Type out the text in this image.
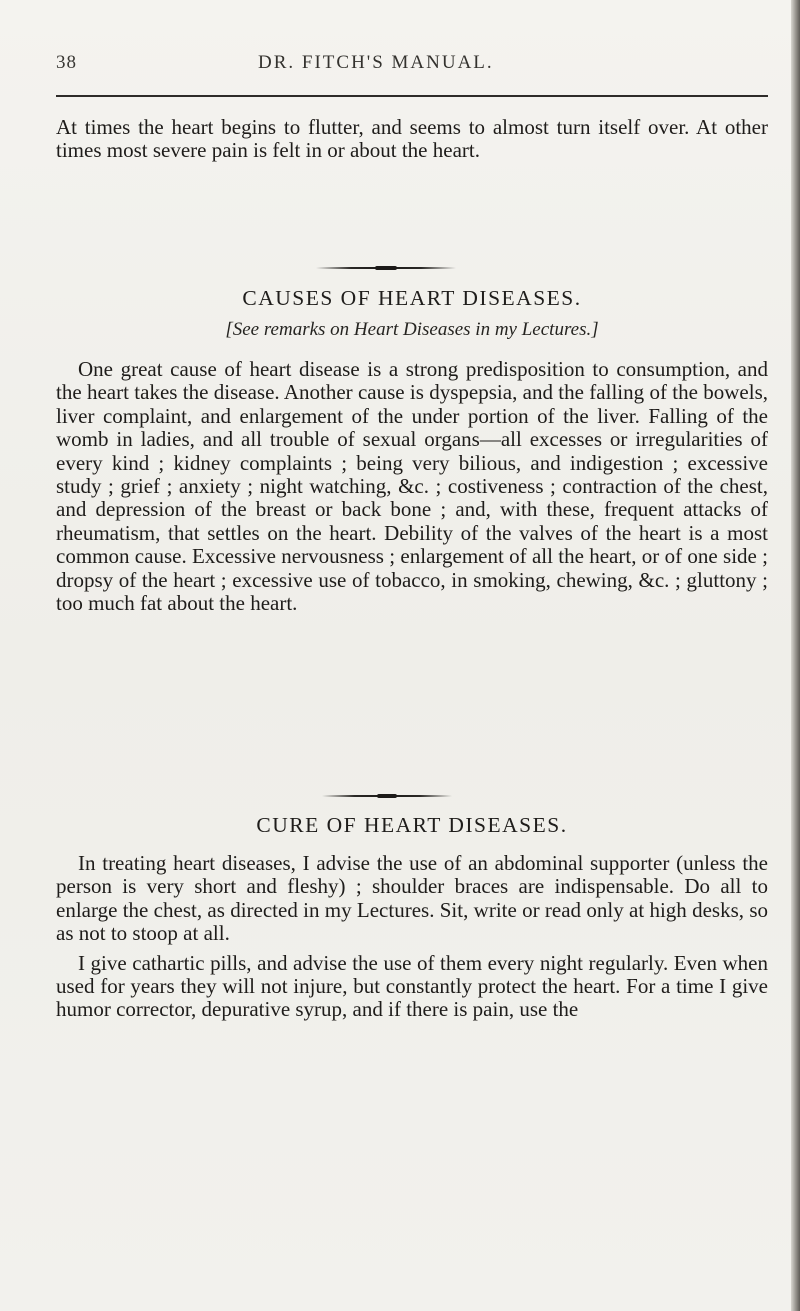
38	DR. FITCH'S MANUAL.

At times the heart begins to flutter, and seems to almost turn itself over. At other times most severe pain is felt in or about the heart.

CAUSES OF HEART DISEASES.
[See remarks on Heart Diseases in my Lectures.]

One great cause of heart disease is a strong predisposition to consumption, and the heart takes the disease. Another cause is dyspepsia, and the falling of the bowels, liver complaint, and enlargement of the under portion of the liver. Falling of the womb in ladies, and all trouble of sexual organs—all excesses or irregularities of every kind ; kidney complaints ; being very bilious, and indigestion ; excessive study ; grief ; anxiety ; night watching, &c. ; costiveness ; contraction of the chest, and depression of the breast or back bone ; and, with these, frequent attacks of rheumatism, that settles on the heart. Debility of the valves of the heart is a most common cause. Excessive nervousness ; enlargement of all the heart, or of one side ; dropsy of the heart ; excessive use of tobacco, in smoking, chewing, &c. ; gluttony ; too much fat about the heart.

CURE OF HEART DISEASES.

In treating heart diseases, I advise the use of an abdominal supporter (unless the person is very short and fleshy) ; shoulder braces are indispensable. Do all to enlarge the chest, as directed in my Lectures. Sit, write or read only at high desks, so as not to stoop at all.

I give cathartic pills, and advise the use of them every night regularly. Even when used for years they will not injure, but constantly protect the heart. For a time I give humor corrector, depurative syrup, and if there is pain, use the
